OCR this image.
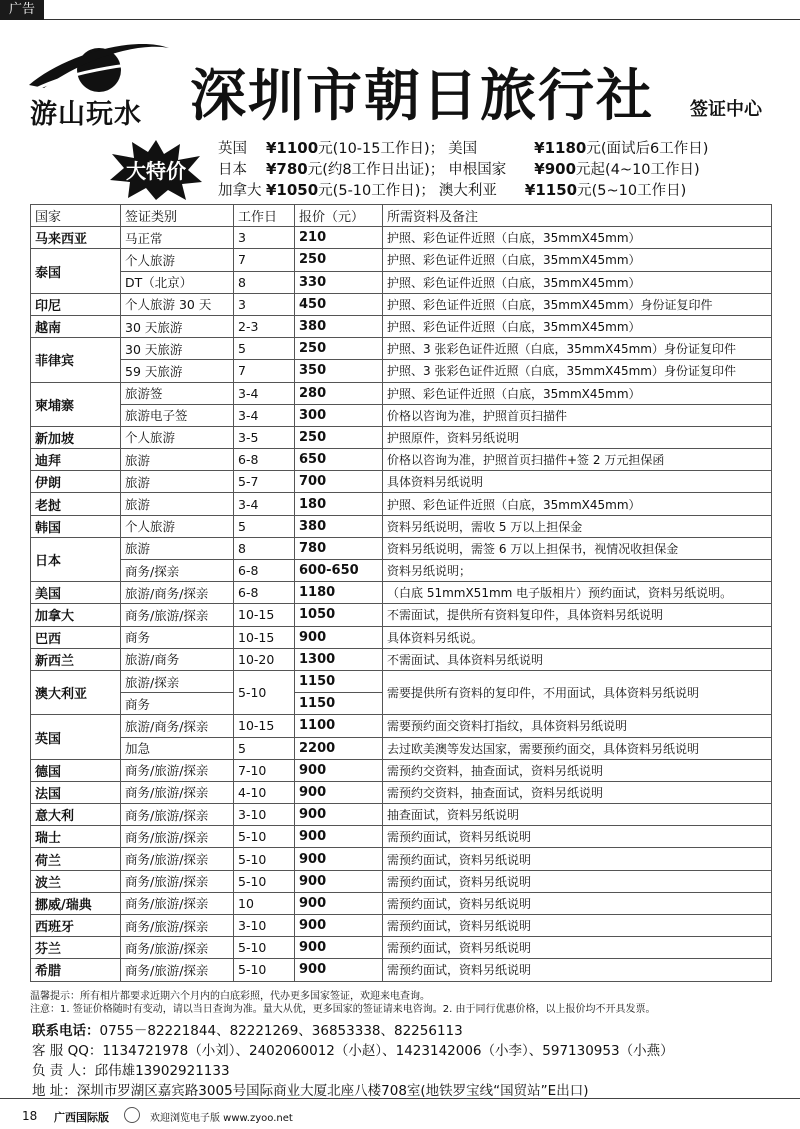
广告
游山玩水 深圳市朝日旅行社 签证中心
大特价
英国 ¥1100元(10-15工作日)； 美国	¥1180元(面试后6工作日)
日本 ¥780元(约8工作日出证)； 申根国家 ¥900元起(4~10工作日)
加拿大 ¥1050元(5-10工作日)； 澳大利亚 ¥1150元(5~10工作日)
国家	签证类别	工作日	报价（元）	所需资料及备注
马来西亚	马正常	3	210	护照、彩色证件近照（白底，35mmX45mm）
泰国	个人旅游	7	250	护照、彩色证件近照（白底，35mmX45mm）
	DT（北京）	8	330	护照、彩色证件近照（白底，35mmX45mm）
印尼	个人旅游 30 天	3	450	护照、彩色证件近照（白底，35mmX45mm）身份证复印件
越南	30 天旅游	2-3	380	护照、彩色证件近照（白底，35mmX45mm）
菲律宾	30 天旅游	5	250	护照、3 张彩色证件近照（白底，35mmX45mm）身份证复印件
	59 天旅游	7	350	护照、3 张彩色证件近照（白底，35mmX45mm）身份证复印件
柬埔寨	旅游签	3-4	280	护照、彩色证件近照（白底，35mmX45mm）
	旅游电子签	3-4	300	价格以咨询为准，护照首页扫描件
新加坡	个人旅游	3-5	250	护照原件，资料另纸说明
迪拜	旅游	6-8	650	价格以咨询为准，护照首页扫描件+签 2 万元担保函
伊朗	旅游	5-7	700	具体资料另纸说明
老挝	旅游	3-4	180	护照、彩色证件近照（白底，35mmX45mm）
韩国	个人旅游	5	380	资料另纸说明，需收 5 万以上担保金
日本	旅游	8	780	资料另纸说明，需签 6 万以上担保书，视情况收担保金
	商务/探亲	6-8	600-650	资料另纸说明；
美国	旅游/商务/探亲	6-8	1180	（白底 51mmX51mm 电子版相片）预约面试，资料另纸说明。
加拿大	商务/旅游/探亲	10-15	1050	不需面试，提供所有资料复印件，具体资料另纸说明
巴西	商务	10-15	900	具体资料另纸说。
新西兰	旅游/商务	10-20	1300	不需面试、具体资料另纸说明
澳大利亚	旅游/探亲	5-10	1150	需要提供所有资料的复印件，不用面试，具体资料另纸说明
	商务		1150	
英国	旅游/商务/探亲	10-15	1100	需要预约面交资料打指纹，具体资料另纸说明
	加急	5	2200	去过欧美澳等发达国家，需要预约面交，具体资料另纸说明
德国	商务/旅游/探亲	7-10	900	需预约交资料，抽查面试，资料另纸说明
法国	商务/旅游/探亲	4-10	900	需预约交资料，抽查面试，资料另纸说明
意大利	商务/旅游/探亲	3-10	900	抽查面试，资料另纸说明
瑞士	商务/旅游/探亲	5-10	900	需预约面试，资料另纸说明
荷兰	商务/旅游/探亲	5-10	900	需预约面试，资料另纸说明
波兰	商务/旅游/探亲	5-10	900	需预约面试，资料另纸说明
挪威/瑞典	商务/旅游/探亲	10	900	需预约面试，资料另纸说明
西班牙	商务/旅游/探亲	3-10	900	需预约面试，资料另纸说明
芬兰	商务/旅游/探亲	5-10	900	需预约面试，资料另纸说明
希腊	商务/旅游/探亲	5-10	900	需预约面试，资料另纸说明
温馨提示：所有相片都要求近期六个月内的白底彩照，代办更多国家签证，欢迎来电查询。
注意：1. 签证价格随时有变动，请以当日查询为准。量大从优，更多国家的签证请来电咨询。2. 由于同行优惠价格，以上报价均不开具发票。
联系电话：0755－82221844、82221269、36853338、82256113
客 服 QQ：1134721978（小刘）、2402060012（小赵）、1423142006（小李）、597130953（小燕）
负 责 人：邱伟雄13902921133
地 址：深圳市罗湖区嘉宾路3005号国际商业大厦北座八楼708室(地铁罗宝线“国贸站”E出口)
18 广西国际版	欢迎浏览电子版 www.zyoo.net
